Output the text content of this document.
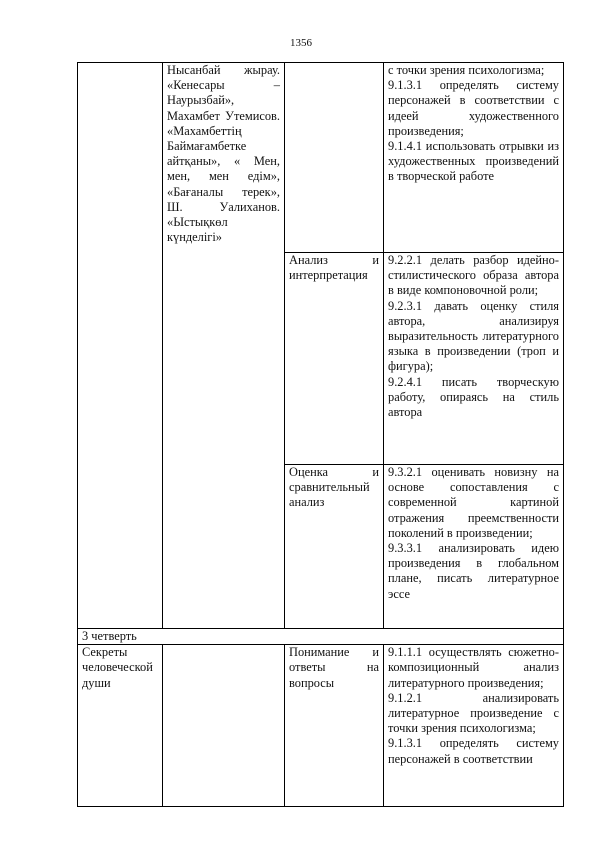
1356

	Нысанбай жырау. «Кенесары – Наурызбай», Махамбет Утемисов. «Махамбеттің Баймағамбетке айтқаны», « Мен, мен, мен едім», «Бағаналы терек», Ш. Уалиханов. «Ыстықкөл күнделігі»		с точки зрения психологизма;
9.1.3.1 определять систему персонажей в соответствии с идеей художественного произведения;
9.1.4.1 использовать отрывки из художественных произведений в творческой работе

		Анализ и интерпретация	9.2.2.1 делать разбор идейно-стилистического образа автора в виде компоновочной роли;
9.2.3.1 давать оценку стиля автора, анализируя выразительность литературного языка в произведении (троп и фигура);
9.2.4.1 писать творческую работу, опираясь на стиль автора

		Оценка и сравнительный анализ	9.3.2.1 оценивать новизну на основе сопоставления с современной картиной отражения преемственности поколений в произведении;
9.3.3.1 анализировать идею произведения в глобальном плане, писать литературное эссе

3 четверть			

Секреты человеческой души		Понимание и ответы на вопросы	9.1.1.1 осуществлять сюжетно-композиционный анализ литературного произведения;
9.1.2.1 анализировать литературное произведение с точки зрения психологизма;
9.1.3.1 определять систему персонажей в соответствии
